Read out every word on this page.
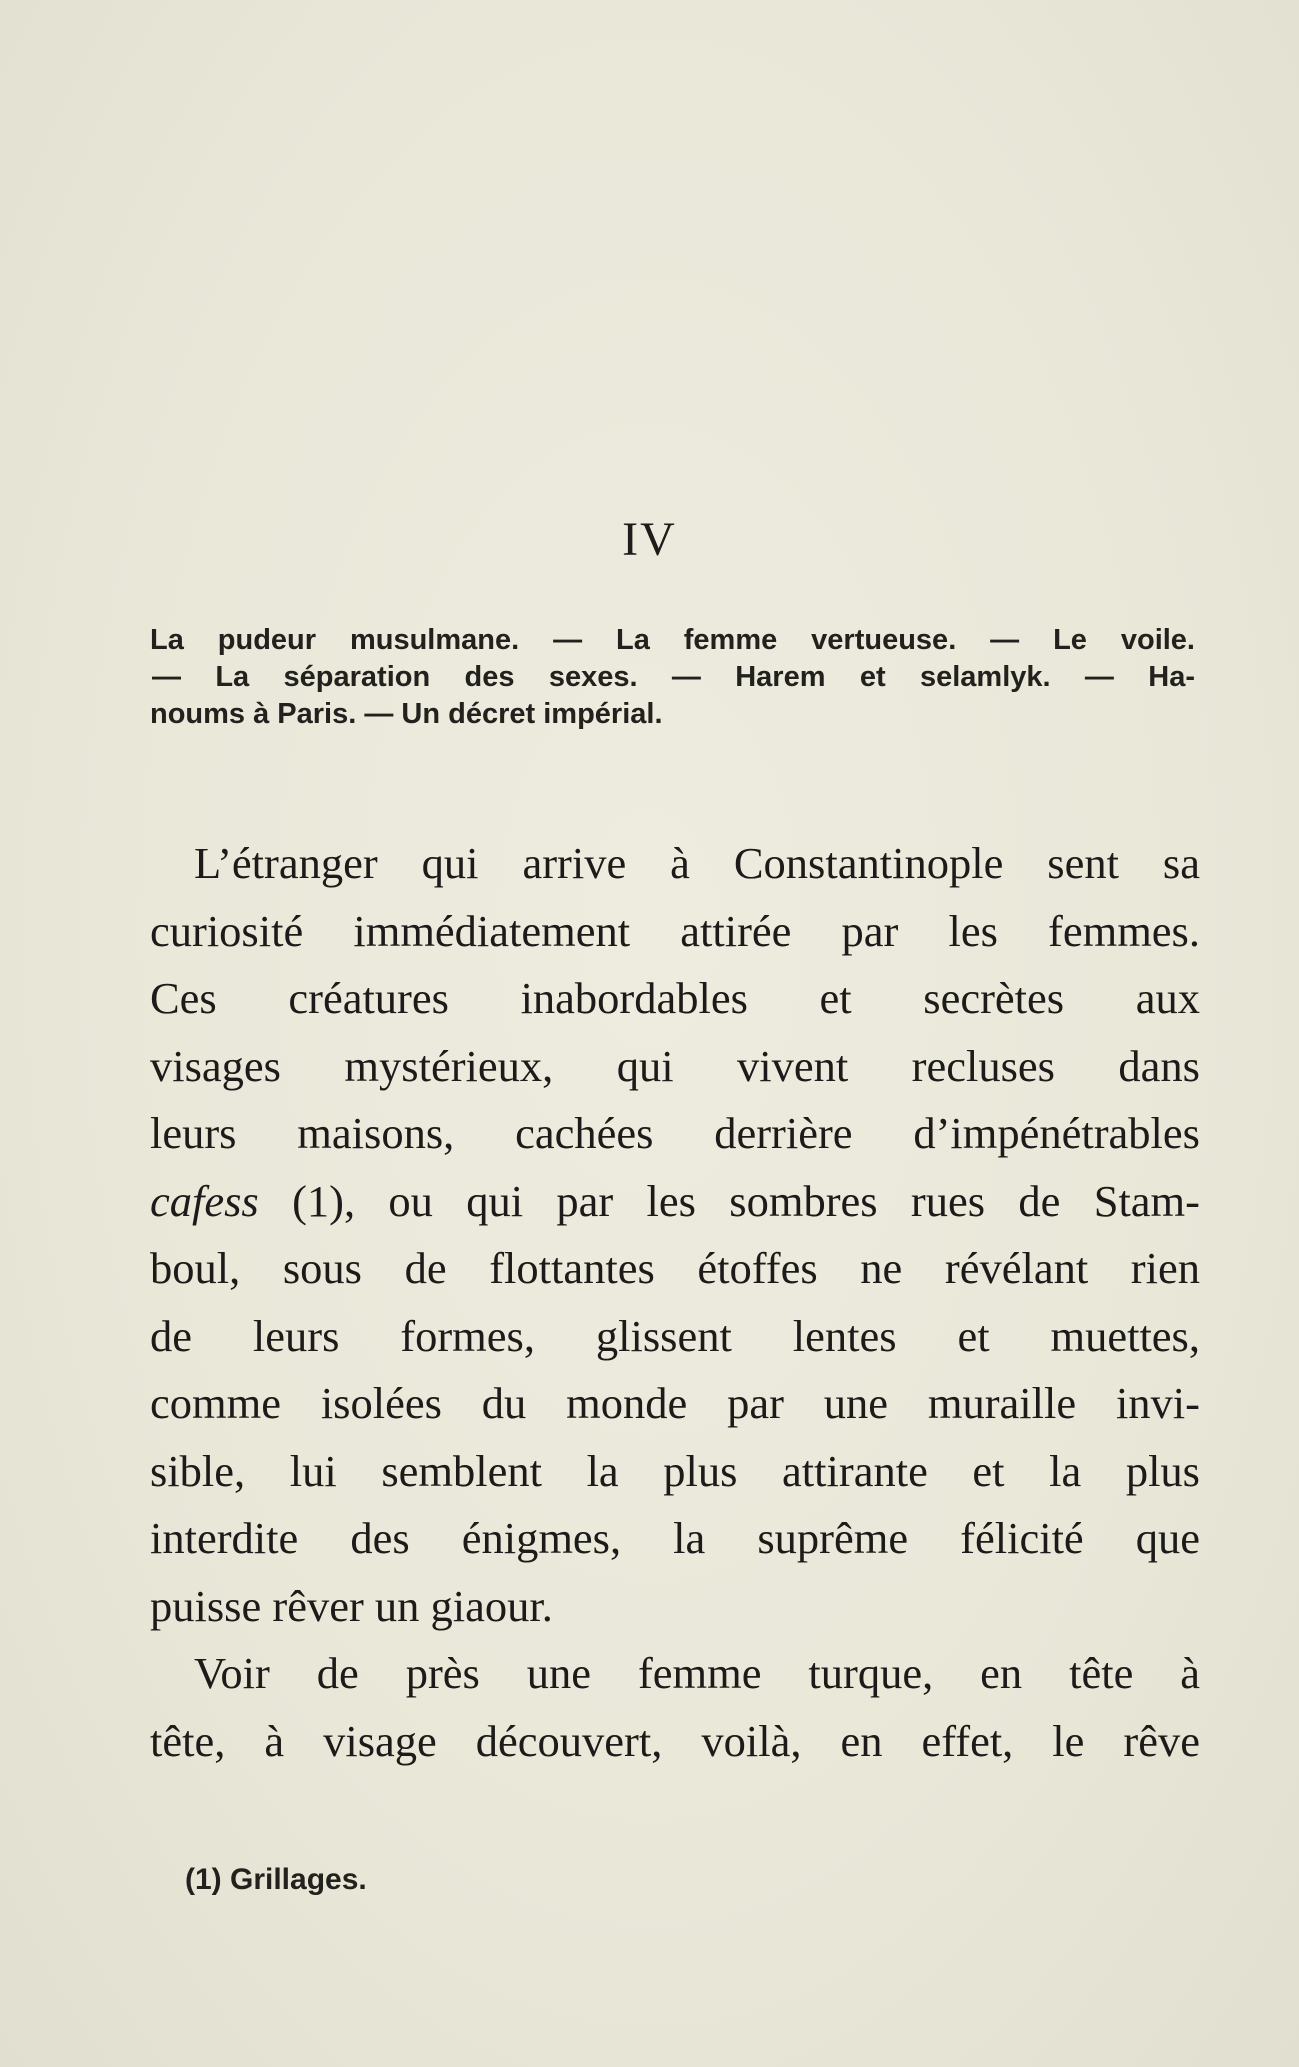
IV
La pudeur musulmane. — La femme vertueuse. — Le voile.
— La séparation des sexes. — Harem et selamlyk. — Ha-
noums à Paris. — Un décret impérial.
L’étranger qui arrive à Constantinople sent sa
curiosité immédiatement attirée par les femmes.
Ces créatures inabordables et secrètes aux
visages mystérieux, qui vivent recluses dans
leurs maisons, cachées derrière d’impénétrables
cafess (1), ou qui par les sombres rues de Stam-
boul, sous de flottantes étoffes ne révélant rien
de leurs formes, glissent lentes et muettes,
comme isolées du monde par une muraille invi-
sible, lui semblent la plus attirante et la plus
interdite des énigmes, la suprême félicité que
puisse rêver un giaour.
Voir de près une femme turque, en tête à
tête, à visage découvert, voilà, en effet, le rêve
(1) Grillages.
